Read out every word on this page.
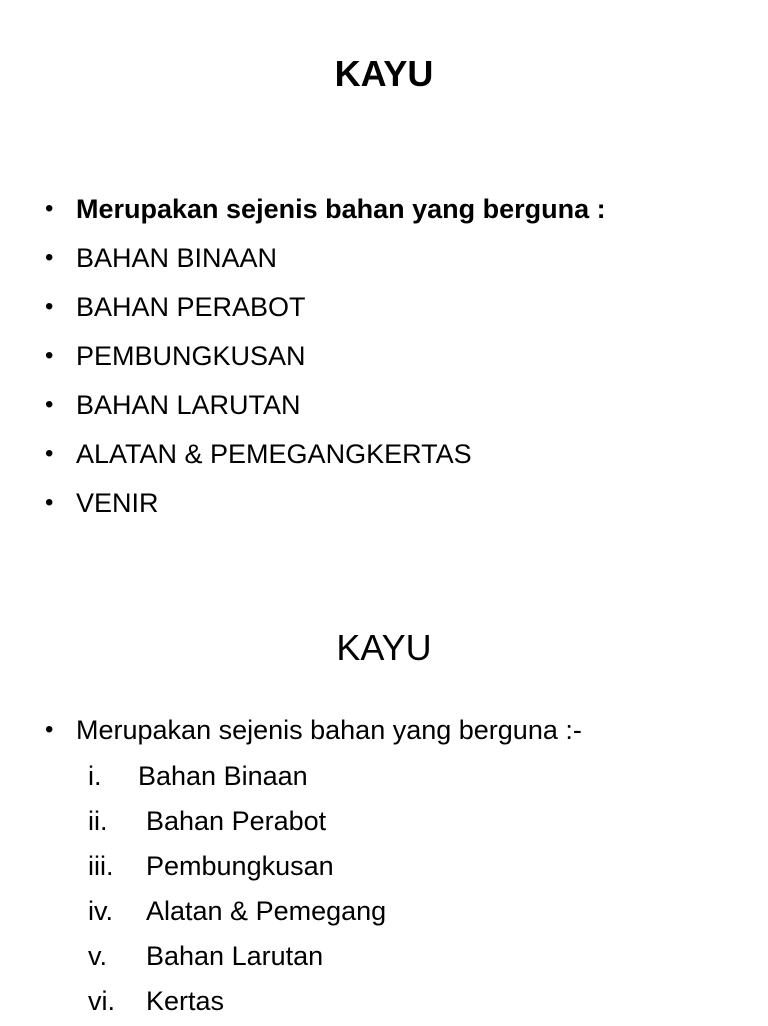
KAYU
• Merupakan sejenis bahan yang berguna :
• BAHAN BINAAN
• BAHAN PERABOT
• PEMBUNGKUSAN
• BAHAN LARUTAN
• ALATAN & PEMEGANGKERTAS
• VENIR
KAYU
• Merupakan sejenis bahan yang berguna :-
i. Bahan Binaan
ii. Bahan Perabot
iii. Pembungkusan
iv. Alatan & Pemegang
v. Bahan Larutan
vi. Kertas
